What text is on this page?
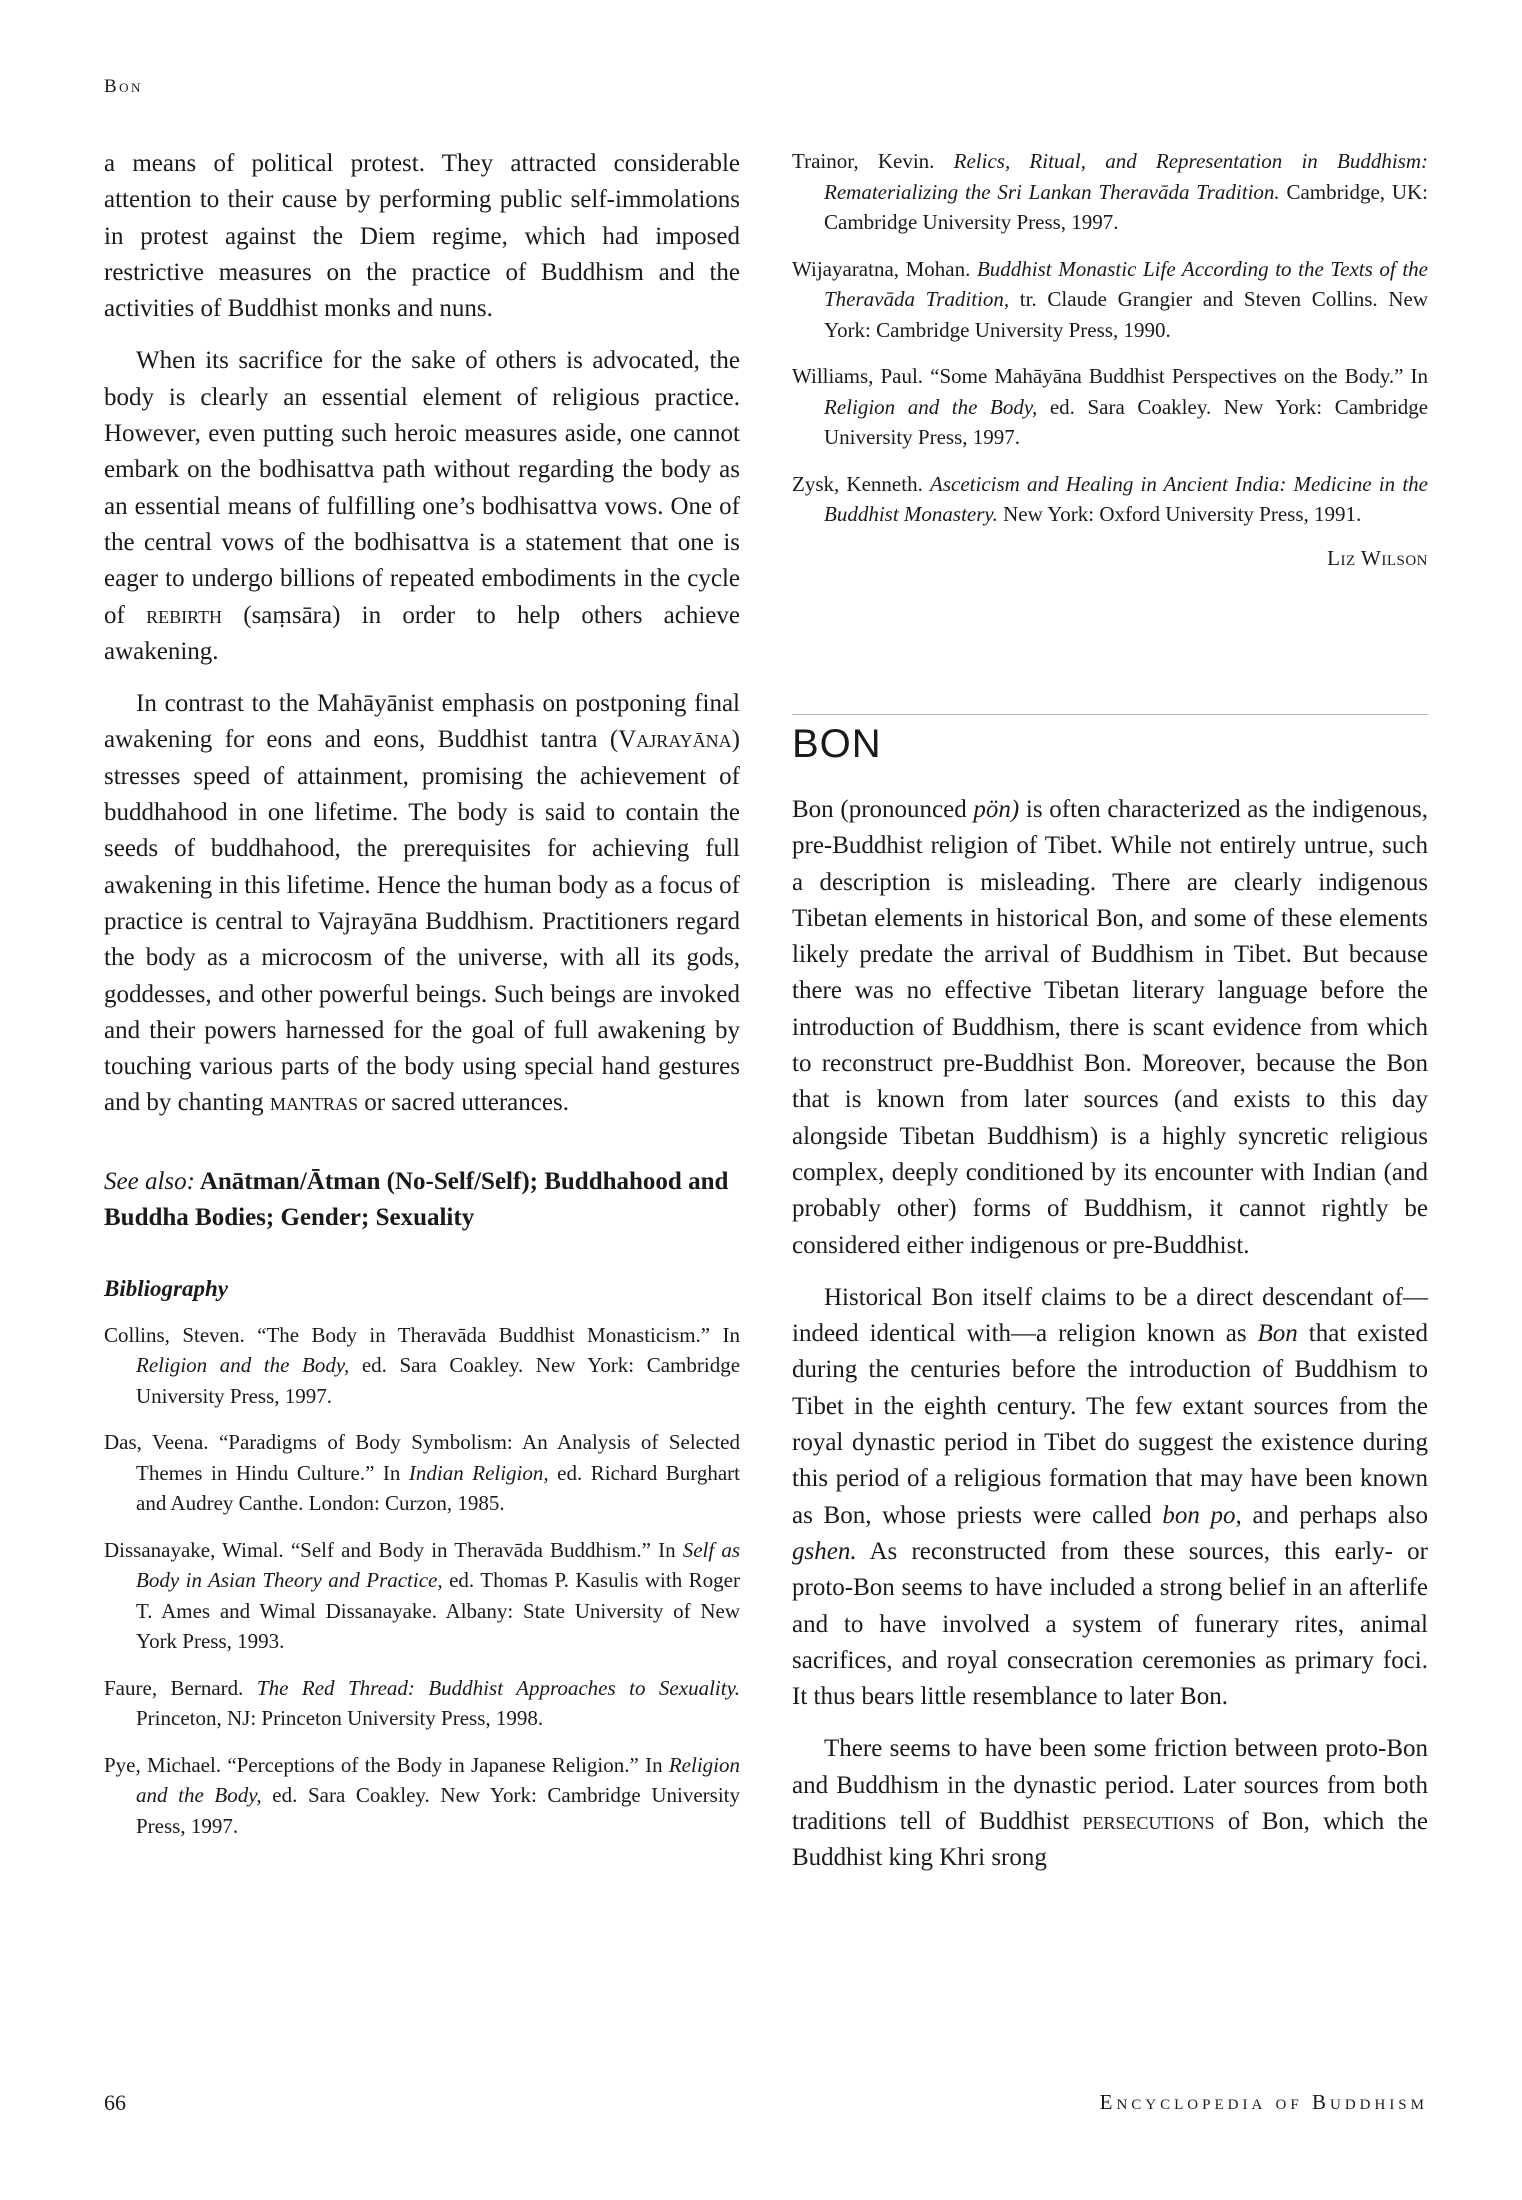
Bon

a means of political protest. They attracted considerable attention to their cause by performing public self-immolations in protest against the Diem regime, which had imposed restrictive measures on the practice of Buddhism and the activities of Buddhist monks and nuns.

When its sacrifice for the sake of others is advocated, the body is clearly an essential element of religious practice. However, even putting such heroic measures aside, one cannot embark on the bodhisattva path without regarding the body as an essential means of fulfilling one’s bodhisattva vows. One of the central vows of the bodhisattva is a statement that one is eager to undergo billions of repeated embodiments in the cycle of rebirth (saṃsāra) in order to help others achieve awakening.

In contrast to the Mahāyānist emphasis on postponing final awakening for eons and eons, Buddhist tantra (Vajrayāna) stresses speed of attainment, promising the achievement of buddhahood in one lifetime. The body is said to contain the seeds of buddhahood, the prerequisites for achieving full awakening in this lifetime. Hence the human body as a focus of practice is central to Vajrayāna Buddhism. Practitioners regard the body as a microcosm of the universe, with all its gods, goddesses, and other powerful beings. Such beings are invoked and their powers harnessed for the goal of full awakening by touching various parts of the body using special hand gestures and by chanting mantras or sacred utterances.

See also: Anātman/Ātman (No-Self/Self); Buddhahood and Buddha Bodies; Gender; Sexuality
Bibliography

Collins, Steven. “The Body in Theravāda Buddhist Monasticism.” In Religion and the Body, ed. Sara Coakley. New York: Cambridge University Press, 1997.

Das, Veena. “Paradigms of Body Symbolism: An Analysis of Selected Themes in Hindu Culture.” In Indian Religion, ed. Richard Burghart and Audrey Canthe. London: Curzon, 1985.

Dissanayake, Wimal. “Self and Body in Theravāda Buddhism.” In Self as Body in Asian Theory and Practice, ed. Thomas P. Kasulis with Roger T. Ames and Wimal Dissanayake. Albany: State University of New York Press, 1993.

Faure, Bernard. The Red Thread: Buddhist Approaches to Sexuality. Princeton, NJ: Princeton University Press, 1998.

Pye, Michael. “Perceptions of the Body in Japanese Religion.” In Religion and the Body, ed. Sara Coakley. New York: Cambridge University Press, 1997.

Trainor, Kevin. Relics, Ritual, and Representation in Buddhism: Rematerializing the Sri Lankan Theravāda Tradition. Cambridge, UK: Cambridge University Press, 1997.

Wijayaratna, Mohan. Buddhist Monastic Life According to the Texts of the Theravāda Tradition, tr. Claude Grangier and Steven Collins. New York: Cambridge University Press, 1990.

Williams, Paul. “Some Mahāyāna Buddhist Perspectives on the Body.” In Religion and the Body, ed. Sara Coakley. New York: Cambridge University Press, 1997.

Zysk, Kenneth. Asceticism and Healing in Ancient India: Medicine in the Buddhist Monastery. New York: Oxford University Press, 1991.

Liz Wilson
BON

Bon (pronounced pön) is often characterized as the indigenous, pre-Buddhist religion of Tibet. While not entirely untrue, such a description is misleading. There are clearly indigenous Tibetan elements in historical Bon, and some of these elements likely predate the arrival of Buddhism in Tibet. But because there was no effective Tibetan literary language before the introduction of Buddhism, there is scant evidence from which to reconstruct pre-Buddhist Bon. Moreover, because the Bon that is known from later sources (and exists to this day alongside Tibetan Buddhism) is a highly syncretic religious complex, deeply conditioned by its encounter with Indian (and probably other) forms of Buddhism, it cannot rightly be considered either indigenous or pre-Buddhist.

Historical Bon itself claims to be a direct descendant of—indeed identical with—a religion known as Bon that existed during the centuries before the introduction of Buddhism to Tibet in the eighth century. The few extant sources from the royal dynastic period in Tibet do suggest the existence during this period of a religious formation that may have been known as Bon, whose priests were called bon po, and perhaps also gshen. As reconstructed from these sources, this early- or proto-Bon seems to have included a strong belief in an afterlife and to have involved a system of funerary rites, animal sacrifices, and royal consecration ceremonies as primary foci. It thus bears little resemblance to later Bon.

There seems to have been some friction between proto-Bon and Buddhism in the dynastic period. Later sources from both traditions tell of Buddhist persecutions of Bon, which the Buddhist king Khri srong

66	Encyclopedia of Buddhism
